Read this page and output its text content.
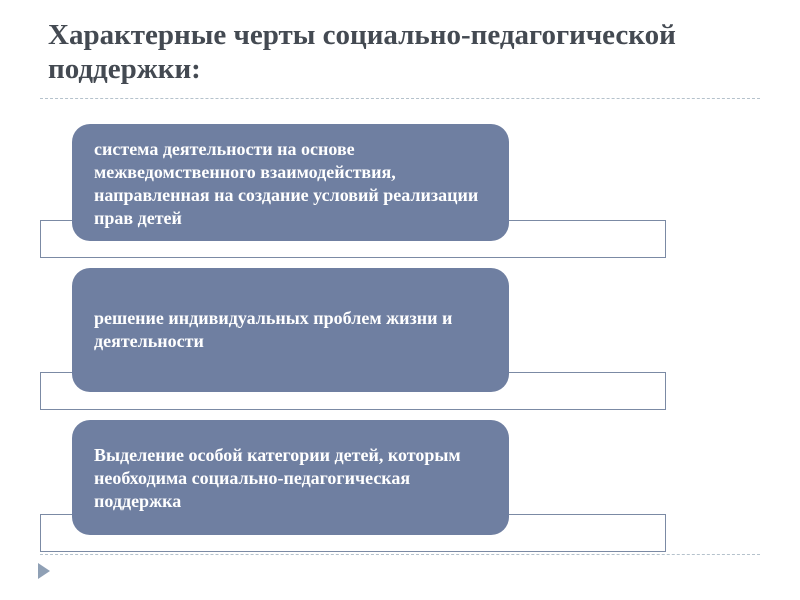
Характерные черты социально-педагогической поддержки:
система деятельности на основе межведомственного взаимодействия, направленная на создание условий реализации прав детей
решение индивидуальных проблем жизни и деятельности
Выделение особой категории детей, которым необходима социально-педагогическая поддержка
